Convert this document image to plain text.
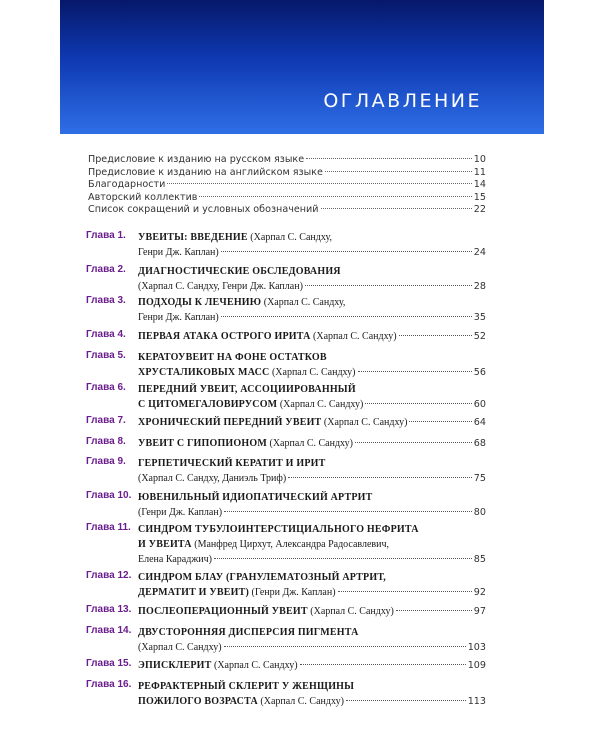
ОГЛАВЛЕНИЕ
Предисловие к изданию на русском языке	10
Предисловие к изданию на английском языке	11
Благодарности	14
Авторский коллектив	15
Список сокращений и условных обозначений	22
Глава 1.	УВЕИТЫ: ВВЕДЕНИЕ (Харпал С. Сандху,
Генри Дж. Каплан)	24
Глава 2.	ДИАГНОСТИЧЕСКИЕ ОБСЛЕДОВАНИЯ
(Харпал С. Сандху, Генри Дж. Каплан)	28
Глава 3.	ПОДХОДЫ К ЛЕЧЕНИЮ (Харпал С. Сандху,
Генри Дж. Каплан)	35
Глава 4.	ПЕРВАЯ АТАКА ОСТРОГО ИРИТА (Харпал С. Сандху)	52
Глава 5.	КЕРАТОУВЕИТ НА ФОНЕ ОСТАТКОВ
ХРУСТАЛИКОВЫХ МАСС (Харпал С. Сандху)	56
Глава 6.	ПЕРЕДНИЙ УВЕИТ, АССОЦИИРОВАННЫЙ
С ЦИТОМЕГАЛОВИРУСОМ (Харпал С. Сандху)	60
Глава 7.	ХРОНИЧЕСКИЙ ПЕРЕДНИЙ УВЕИТ (Харпал С. Сандху)	64
Глава 8.	УВЕИТ С ГИПОПИОНОМ (Харпал С. Сандху)	68
Глава 9.	ГЕРПЕТИЧЕСКИЙ КЕРАТИТ И ИРИТ
(Харпал С. Сандху, Даниэль Триф)	75
Глава 10. ЮВЕНИЛЬНЫЙ ИДИОПАТИЧЕСКИЙ АРТРИТ
(Генри Дж. Каплан)	80
Глава 11. СИНДРОМ ТУБУЛОИНТЕРСТИЦИАЛЬНОГО НЕФРИТА
И УВЕИТА (Манфред Цирхут, Александра Радосавлевич,
Елена Караджич)	85
Глава 12. СИНДРОМ БЛАУ (ГРАНУЛЕМАТОЗНЫЙ АРТРИТ,
ДЕРМАТИТ И УВЕИТ) (Генри Дж. Каплан)	92
Глава 13. ПОСЛЕОПЕРАЦИОННЫЙ УВЕИТ (Харпал С. Сандху)	97
Глава 14. ДВУСТОРОННЯЯ ДИСПЕРСИЯ ПИГМЕНТА
(Харпал С. Сандху)	103
Глава 15. ЭПИСКЛЕРИТ (Харпал С. Сандху)	109
Глава 16. РЕФРАКТЕРНЫЙ СКЛЕРИТ У ЖЕНЩИНЫ
ПОЖИЛОГО ВОЗРАСТА (Харпал С. Сандху)	113
